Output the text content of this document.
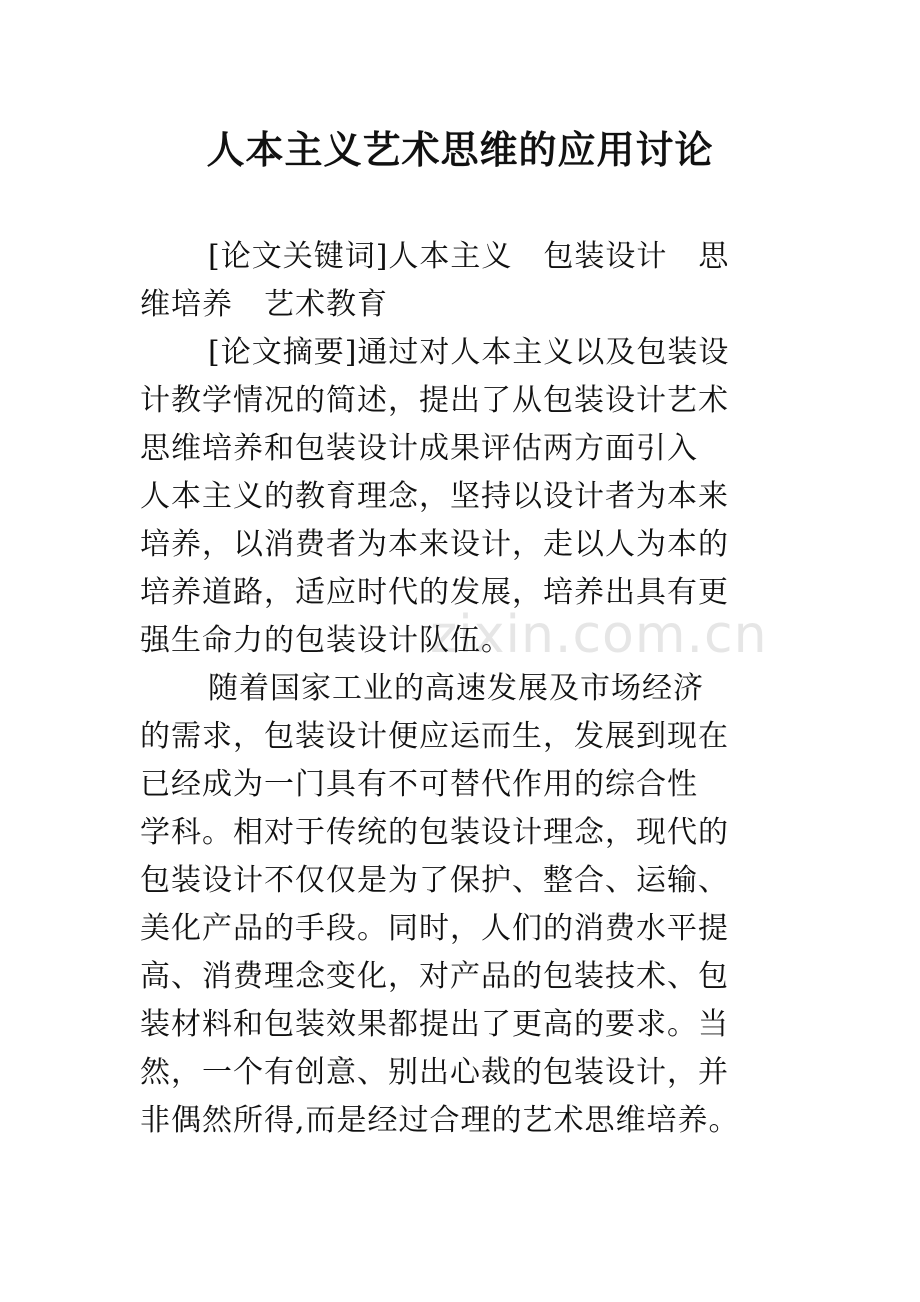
zixin.com.cn
人本主义艺术思维的应用讨论

[论文关键词]人本主义　包装设计　思

维培养　艺术教育

[论文摘要]通过对人本主义以及包装设

计教学情况的简述，提出了从包装设计艺术

思维培养和包装设计成果评估两方面引入

人本主义的教育理念，坚持以设计者为本来

培养，以消费者为本来设计，走以人为本的

培养道路，适应时代的发展，培养出具有更

强生命力的包装设计队伍。

随着国家工业的高速发展及市场经济

的需求，包装设计便应运而生，发展到现在

已经成为一门具有不可替代作用的综合性

学科。相对于传统的包装设计理念，现代的

包装设计不仅仅是为了保护、整合、运输、

美化产品的手段。同时，人们的消费水平提

高、消费理念变化，对产品的包装技术、包

装材料和包装效果都提出了更高的要求。当

然，一个有创意、别出心裁的包装设计，并

非偶然所得,而是经过合理的艺术思维培养。
